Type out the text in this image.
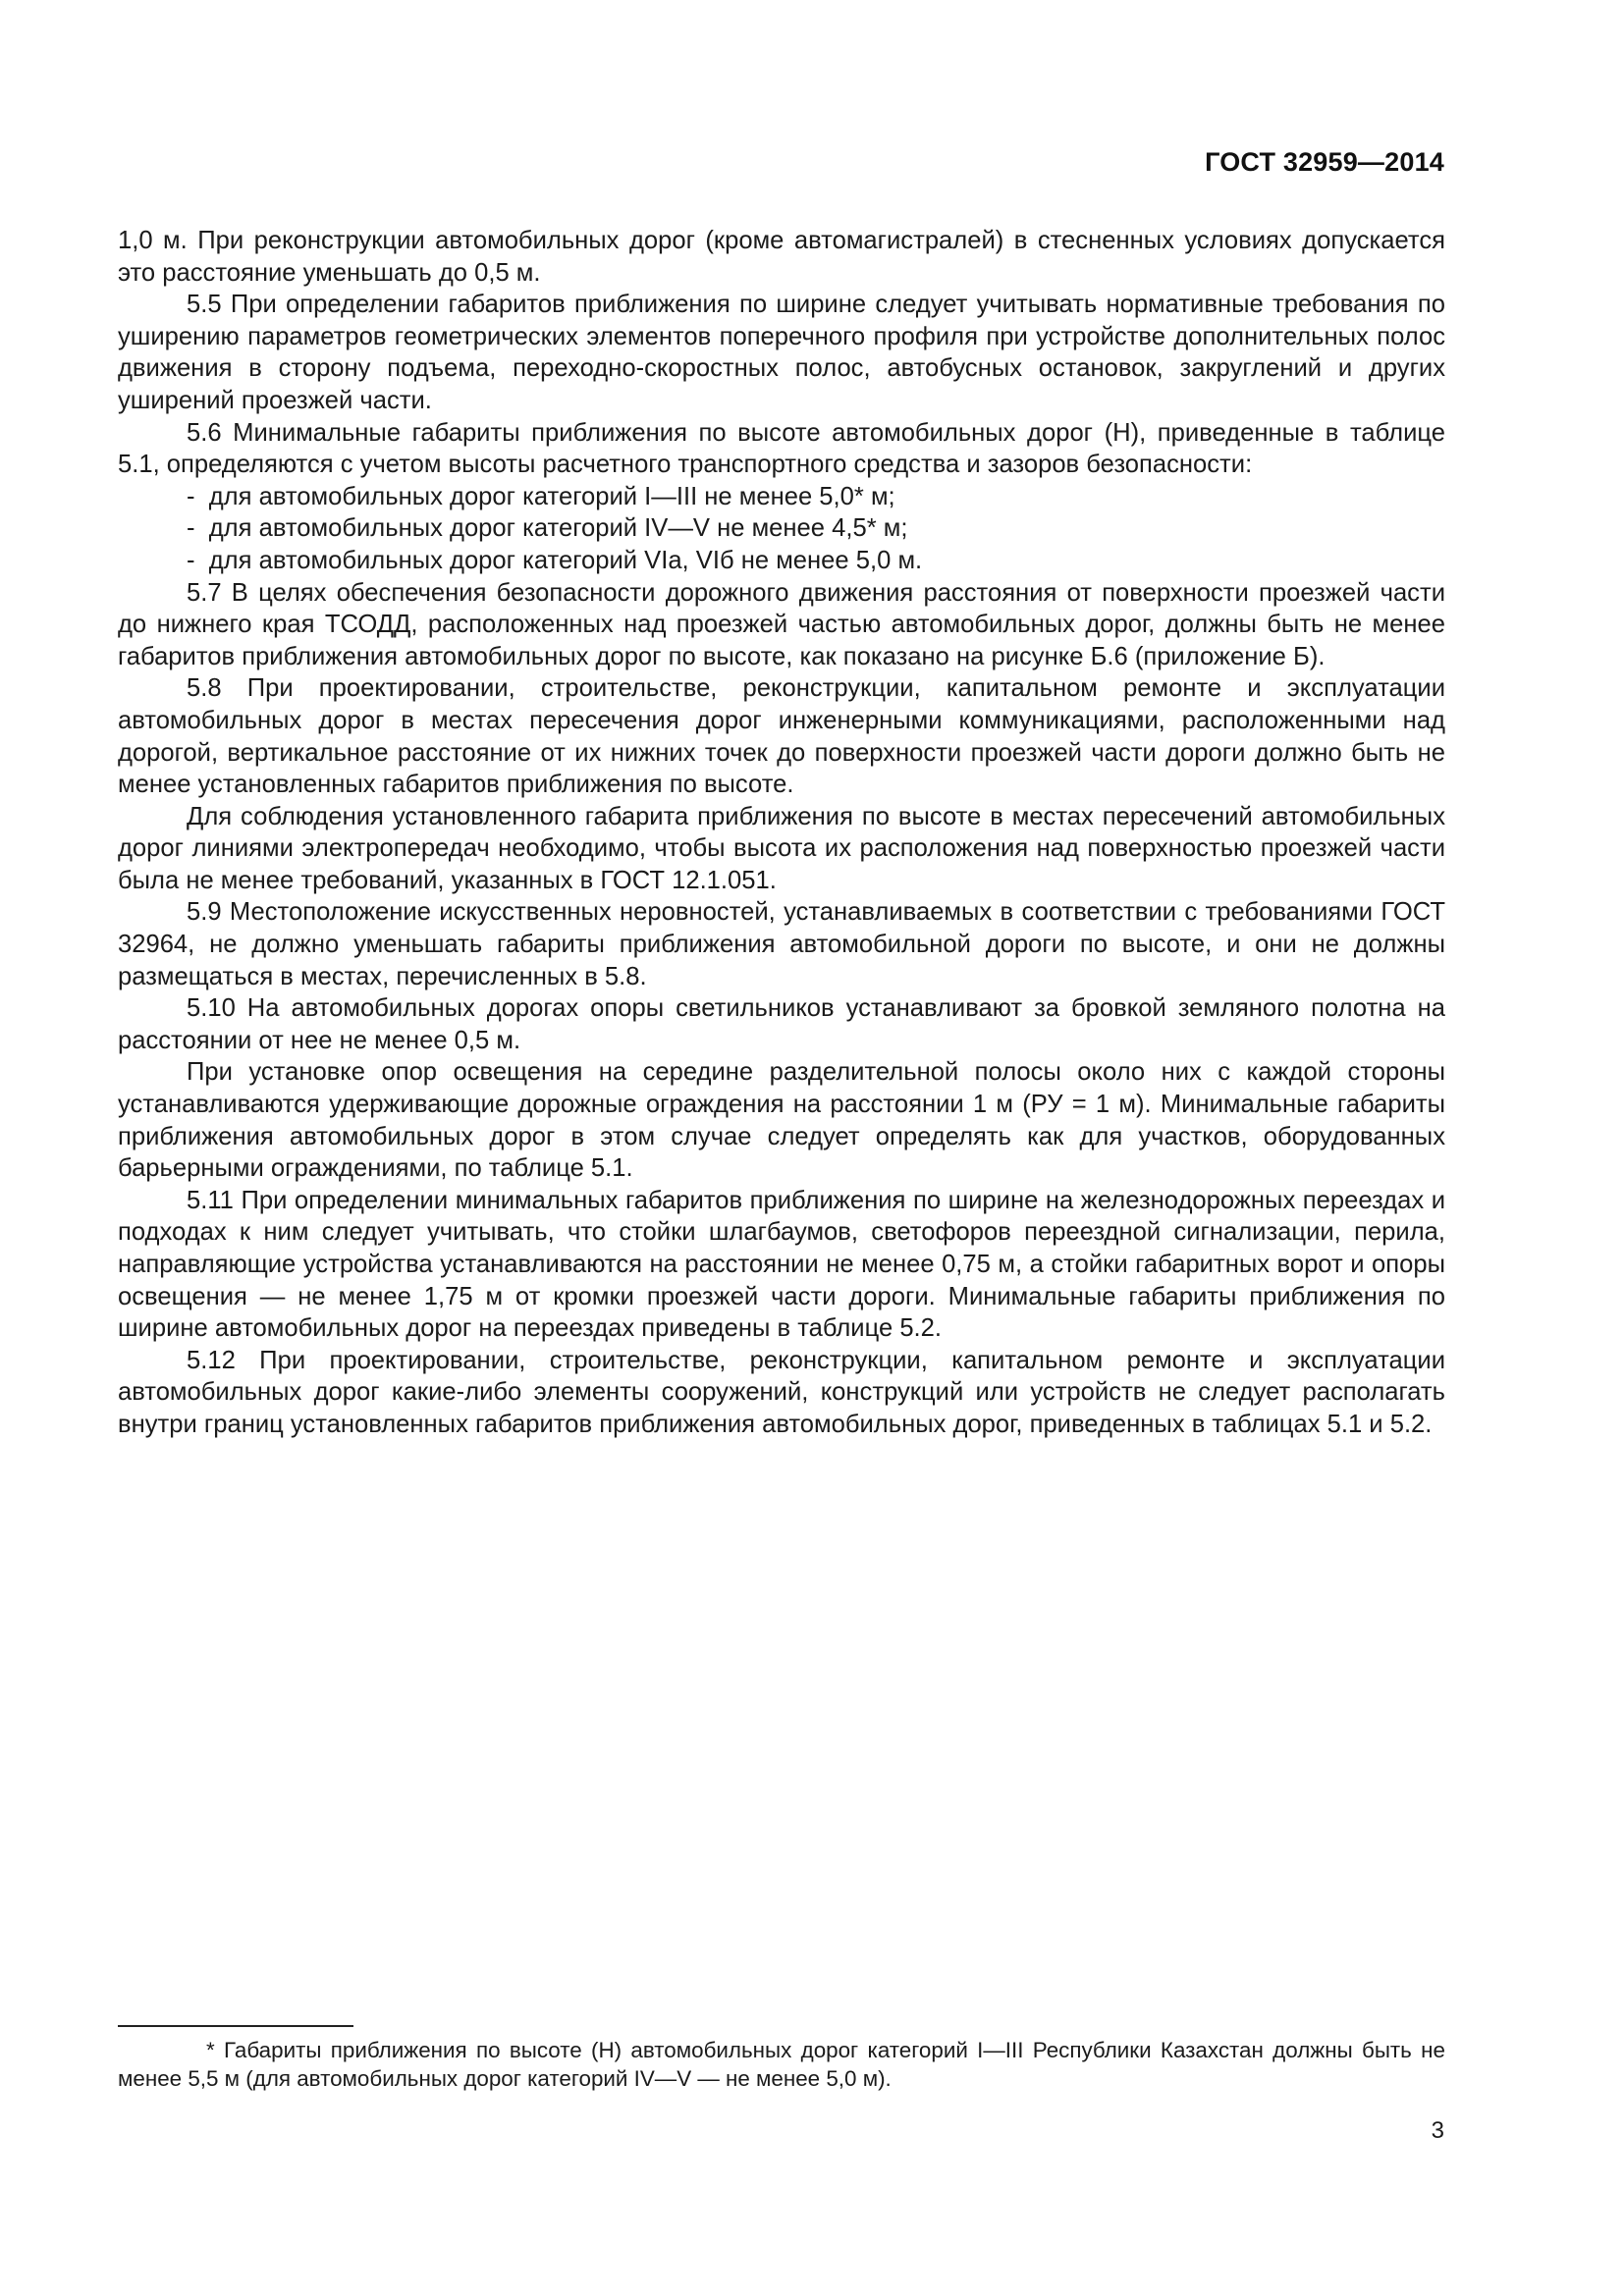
ГОСТ 32959—2014

1,0 м. При реконструкции автомобильных дорог (кроме автомагистралей) в стесненных условиях допускается это расстояние уменьшать до 0,5 м.

5.5 При определении габаритов приближения по ширине следует учитывать нормативные требования по уширению параметров геометрических элементов поперечного профиля при устройстве дополнительных полос движения в сторону подъема, переходно-скоростных полос, автобусных остановок, закруглений и других уширений проезжей части.

5.6 Минимальные габариты приближения по высоте автомобильных дорог (Н), приведенные в таблице 5.1, определяются с учетом высоты расчетного транспортного средства и зазоров безопасности:

-  для автомобильных дорог категорий I—III не менее 5,0* м;
-  для автомобильных дорог категорий IV—V не менее 4,5* м;
-  для автомобильных дорог категорий VIа, VIб не менее 5,0 м.

5.7 В целях обеспечения безопасности дорожного движения расстояния от поверхности проезжей части до нижнего края ТСОДД, расположенных над проезжей частью автомобильных дорог, должны быть не менее габаритов приближения автомобильных дорог по высоте, как показано на рисунке Б.6 (приложение Б).

5.8 При проектировании, строительстве, реконструкции, капитальном ремонте и эксплуатации автомобильных дорог в местах пересечения дорог инженерными коммуникациями, расположенными над дорогой, вертикальное расстояние от их нижних точек до поверхности проезжей части дороги должно быть не менее установленных габаритов приближения по высоте.

Для соблюдения установленного габарита приближения по высоте в местах пересечений автомобильных дорог линиями электропередач необходимо, чтобы высота их расположения над поверхностью проезжей части была не менее требований, указанных в ГОСТ 12.1.051.

5.9 Местоположение искусственных неровностей, устанавливаемых в соответствии с требованиями ГОСТ 32964, не должно уменьшать габариты приближения автомобильной дороги по высоте, и они не должны размещаться в местах, перечисленных в 5.8.

5.10 На автомобильных дорогах опоры светильников устанавливают за бровкой земляного полотна на расстоянии от нее не менее 0,5 м.

При установке опор освещения на середине разделительной полосы около них с каждой стороны устанавливаются удерживающие дорожные ограждения на расстоянии 1 м (РУ = 1 м). Минимальные габариты приближения автомобильных дорог в этом случае следует определять как для участков, оборудованных барьерными ограждениями, по таблице 5.1.

5.11 При определении минимальных габаритов приближения по ширине на железнодорожных переездах и подходах к ним следует учитывать, что стойки шлагбаумов, светофоров переездной сигнализации, перила, направляющие устройства устанавливаются на расстоянии не менее 0,75 м, а стойки габаритных ворот и опоры освещения — не менее 1,75 м от кромки проезжей части дороги. Минимальные габариты приближения по ширине автомобильных дорог на переездах приведены в таблице 5.2.

5.12 При проектировании, строительстве, реконструкции, капитальном ремонте и эксплуатации автомобильных дорог какие-либо элементы сооружений, конструкций или устройств не следует располагать внутри границ установленных габаритов приближения автомобильных дорог, приведенных в таблицах 5.1 и 5.2.

* Габариты приближения по высоте (Н) автомобильных дорог категорий I—III Республики Казахстан должны быть не менее 5,5 м (для автомобильных дорог категорий IV—V — не менее 5,0 м).

3
